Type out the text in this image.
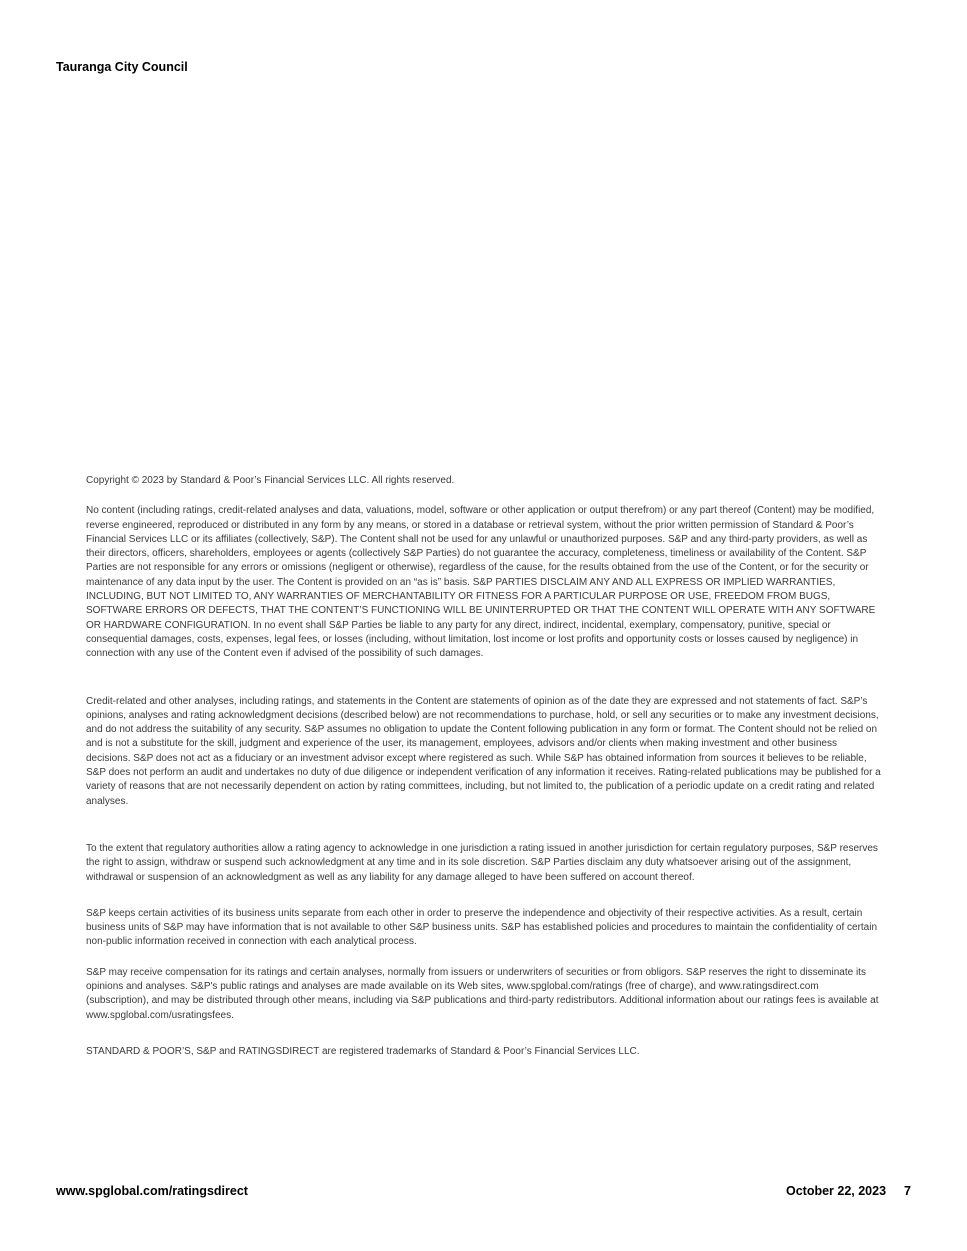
Tauranga City Council

Copyright © 2023 by Standard & Poor’s Financial Services LLC. All rights reserved.

No content (including ratings, credit-related analyses and data, valuations, model, software or other application or output therefrom) or any part thereof (Content) may be modified, reverse engineered, reproduced or distributed in any form by any means, or stored in a database or retrieval system, without the prior written permission of Standard & Poor’s Financial Services LLC or its affiliates (collectively, S&P). The Content shall not be used for any unlawful or unauthorized purposes. S&P and any third-party providers, as well as their directors, officers, shareholders, employees or agents (collectively S&P Parties) do not guarantee the accuracy, completeness, timeliness or availability of the Content. S&P Parties are not responsible for any errors or omissions (negligent or otherwise), regardless of the cause, for the results obtained from the use of the Content, or for the security or maintenance of any data input by the user. The Content is provided on an “as is” basis. S&P PARTIES DISCLAIM ANY AND ALL EXPRESS OR IMPLIED WARRANTIES, INCLUDING, BUT NOT LIMITED TO, ANY WARRANTIES OF MERCHANTABILITY OR FITNESS FOR A PARTICULAR PURPOSE OR USE, FREEDOM FROM BUGS, SOFTWARE ERRORS OR DEFECTS, THAT THE CONTENT’S FUNCTIONING WILL BE UNINTERRUPTED OR THAT THE CONTENT WILL OPERATE WITH ANY SOFTWARE OR HARDWARE CONFIGURATION. In no event shall S&P Parties be liable to any party for any direct, indirect, incidental, exemplary, compensatory, punitive, special or consequential damages, costs, expenses, legal fees, or losses (including, without limitation, lost income or lost profits and opportunity costs or losses caused by negligence) in connection with any use of the Content even if advised of the possibility of such damages.

Credit-related and other analyses, including ratings, and statements in the Content are statements of opinion as of the date they are expressed and not statements of fact. S&P’s opinions, analyses and rating acknowledgment decisions (described below) are not recommendations to purchase, hold, or sell any securities or to make any investment decisions, and do not address the suitability of any security. S&P assumes no obligation to update the Content following publication in any form or format. The Content should not be relied on and is not a substitute for the skill, judgment and experience of the user, its management, employees, advisors and/or clients when making investment and other business decisions. S&P does not act as a fiduciary or an investment advisor except where registered as such. While S&P has obtained information from sources it believes to be reliable, S&P does not perform an audit and undertakes no duty of due diligence or independent verification of any information it receives. Rating-related publications may be published for a variety of reasons that are not necessarily dependent on action by rating committees, including, but not limited to, the publication of a periodic update on a credit rating and related analyses.

To the extent that regulatory authorities allow a rating agency to acknowledge in one jurisdiction a rating issued in another jurisdiction for certain regulatory purposes, S&P reserves the right to assign, withdraw or suspend such acknowledgment at any time and in its sole discretion. S&P Parties disclaim any duty whatsoever arising out of the assignment, withdrawal or suspension of an acknowledgment as well as any liability for any damage alleged to have been suffered on account thereof.

S&P keeps certain activities of its business units separate from each other in order to preserve the independence and objectivity of their respective activities. As a result, certain business units of S&P may have information that is not available to other S&P business units. S&P has established policies and procedures to maintain the confidentiality of certain non-public information received in connection with each analytical process.

S&P may receive compensation for its ratings and certain analyses, normally from issuers or underwriters of securities or from obligors. S&P reserves the right to disseminate its opinions and analyses. S&P's public ratings and analyses are made available on its Web sites, www.spglobal.com/ratings (free of charge), and www.ratingsdirect.com (subscription), and may be distributed through other means, including via S&P publications and third-party redistributors. Additional information about our ratings fees is available at www.spglobal.com/usratingsfees.

STANDARD & POOR’S, S&P and RATINGSDIRECT are registered trademarks of Standard & Poor’s Financial Services LLC.

www.spglobal.com/ratingsdirect	October 22, 2023 7
